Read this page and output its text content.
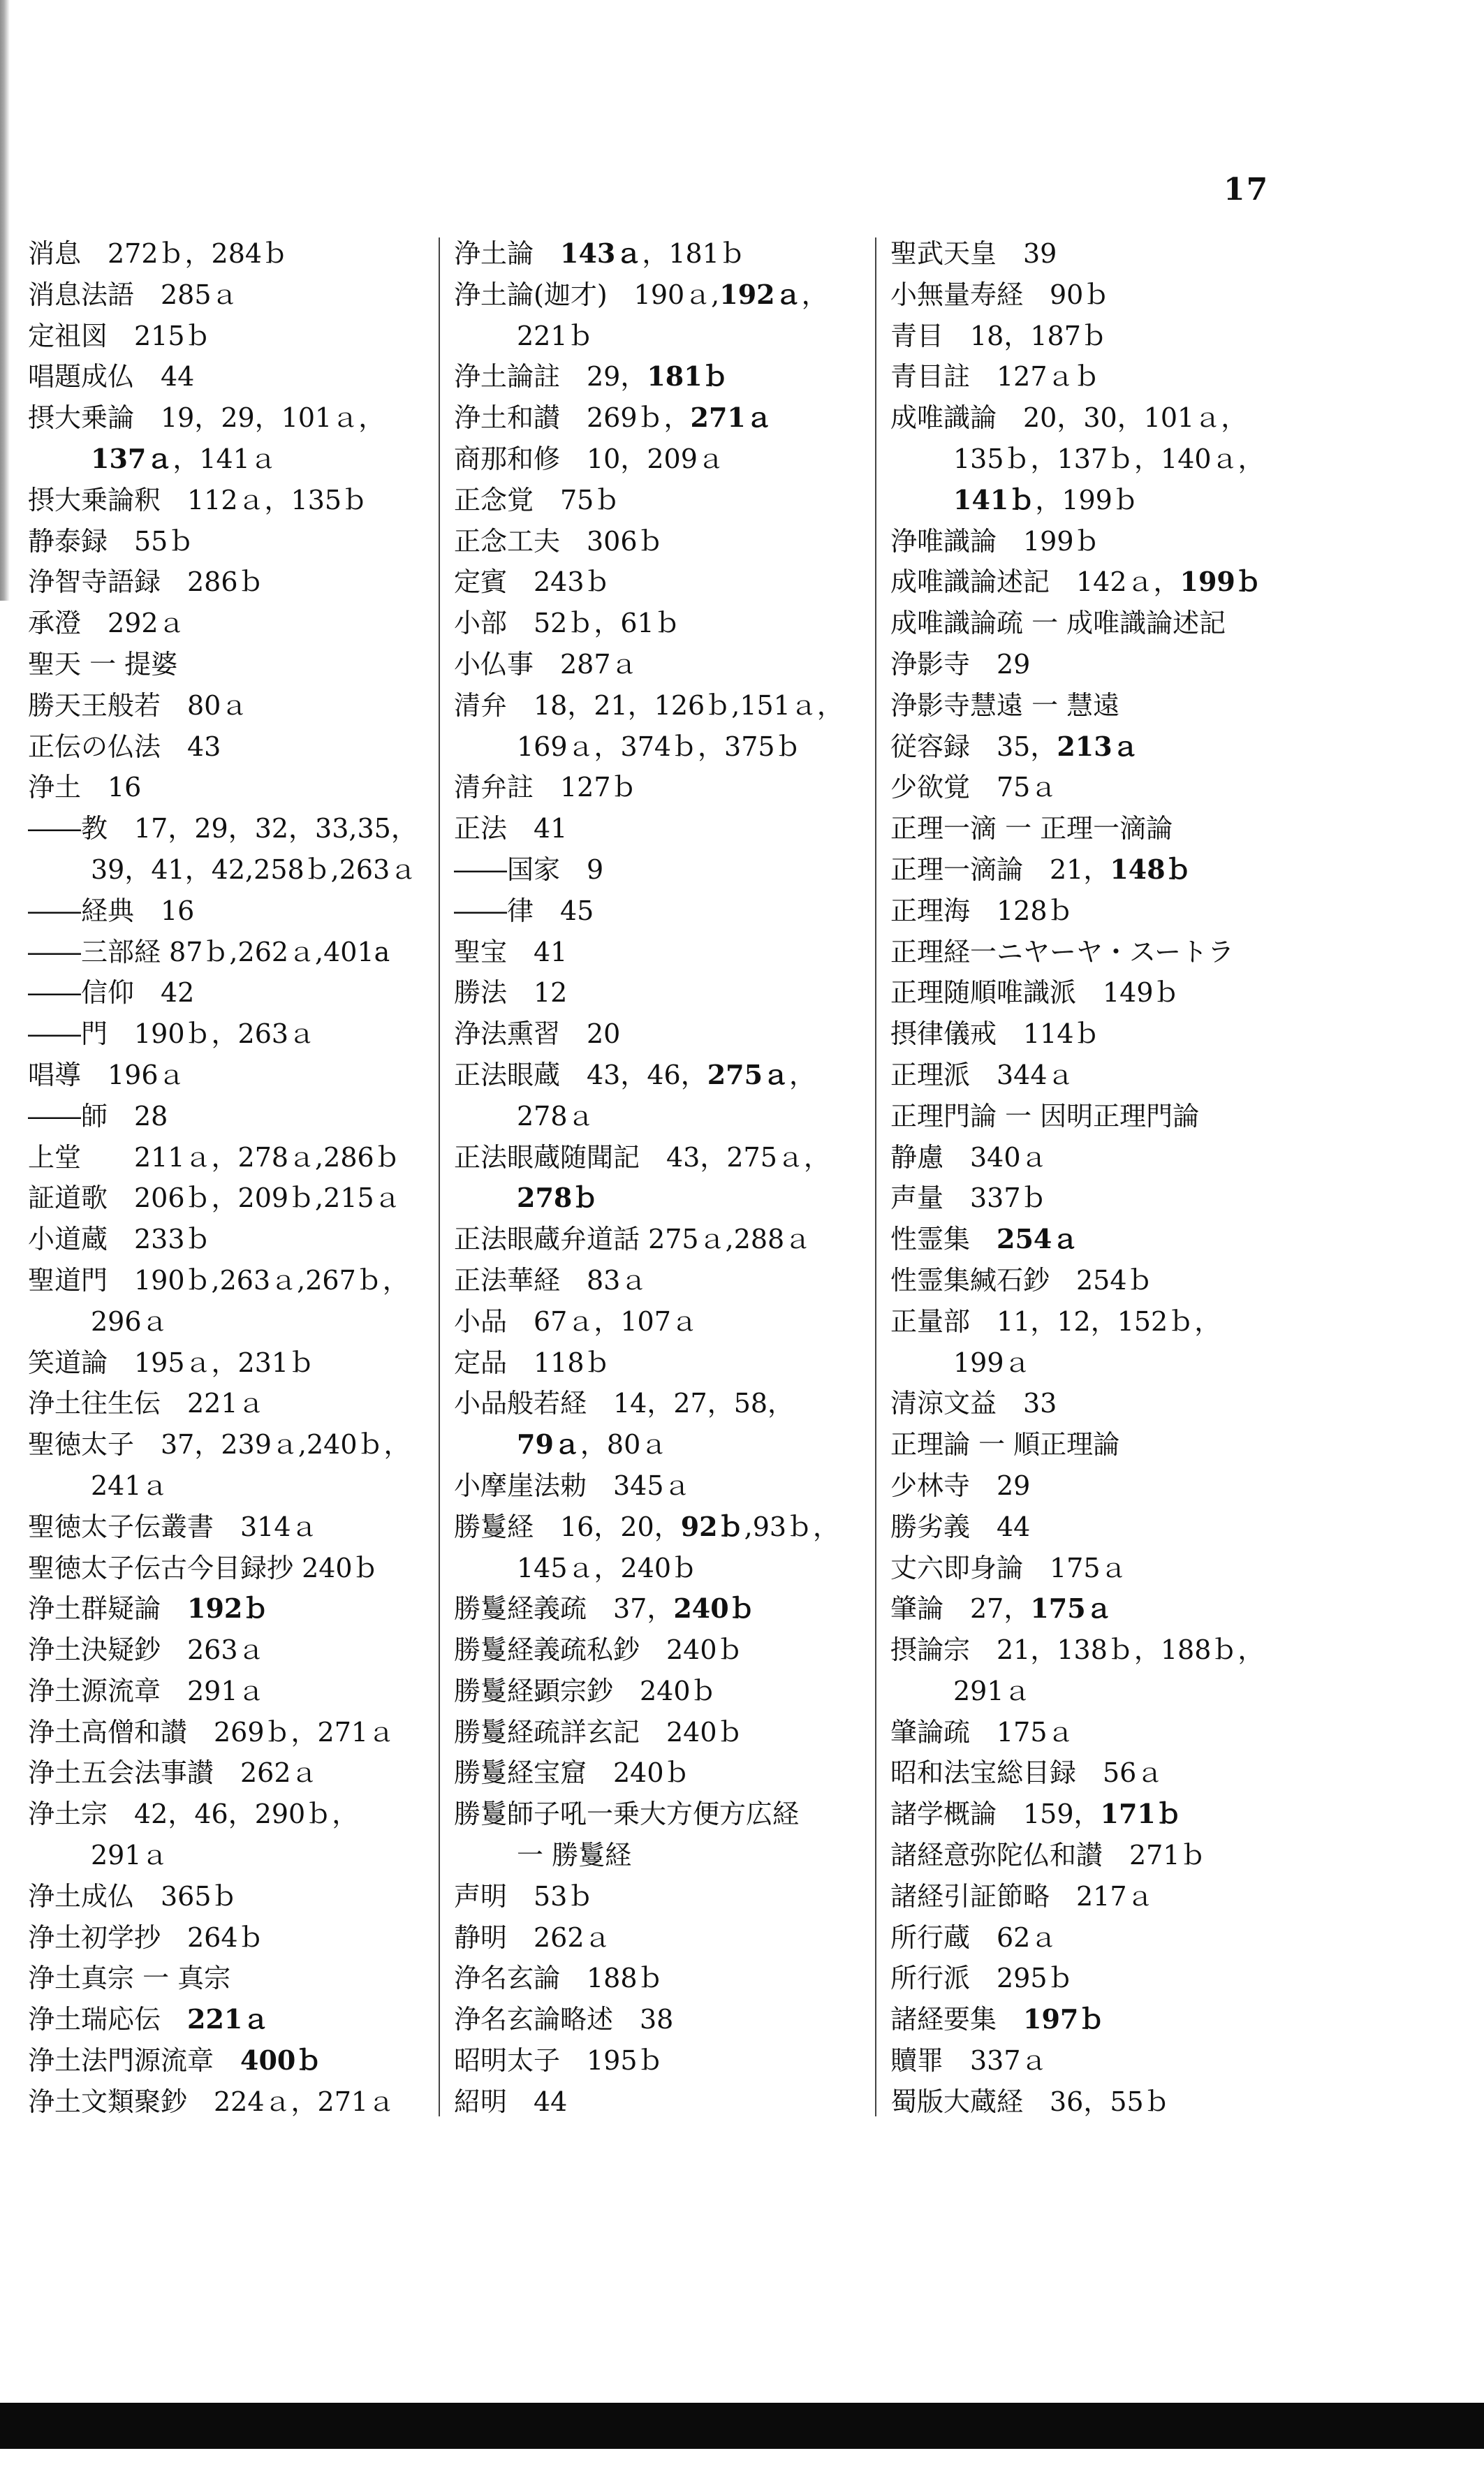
17
消息　272ｂ，284ｂ
消息法語　285ａ
定祖図　215ｂ
唱題成仏　44
摂大乗論　19，29，101ａ，
137ａ，141ａ
摂大乗論釈　112ａ，135ｂ
静泰録　55ｂ
浄智寺語録　286ｂ
承澄　292ａ
聖天 一 提婆
勝天王般若　80ａ
正伝の仏法　43
浄土　16
――教　17，29，32，33,35，
39，41，42,258ｂ,263ａ
――経典　16
――三部経 87ｂ,262ａ,401a
――信仰　42
――門　190ｂ，263ａ
唱導　196ａ
――師　28
上堂　　211ａ，278ａ,286ｂ
証道歌　206ｂ，209ｂ,215ａ
小道蔵　233ｂ
聖道門　190ｂ,263ａ,267ｂ，
296ａ
笑道論　195ａ，231ｂ
浄土往生伝　221ａ
聖徳太子　37，239ａ,240ｂ，
241ａ
聖徳太子伝叢書　314ａ
聖徳太子伝古今目録抄 240ｂ
浄土群疑論　192ｂ
浄土決疑鈔　263ａ
浄土源流章　291ａ
浄土高僧和讃　269ｂ，271ａ
浄土五会法事讃　262ａ
浄土宗　42，46，290ｂ，
291ａ
浄土成仏　365ｂ
浄土初学抄　264ｂ
浄土真宗 一 真宗
浄土瑞応伝　221ａ
浄土法門源流章　400ｂ
浄土文類聚鈔　224ａ，271ａ
浄土論　143ａ，181ｂ
浄土論(迦才)　190ａ,192ａ，
221ｂ
浄土論註　29，181ｂ
浄土和讃　269ｂ，271ａ
商那和修　10，209ａ
正念覚　75ｂ
正念工夫　306ｂ
定賓　243ｂ
小部　52ｂ，61ｂ
小仏事　287ａ
清弁　18，21，126ｂ,151ａ，
169ａ，374ｂ，375ｂ
清弁註　127ｂ
正法　41
――国家　9
――律　45
聖宝　41
勝法　12
浄法熏習　20
正法眼蔵　43，46，275ａ，
278ａ
正法眼蔵随聞記　43，275ａ，
278ｂ
正法眼蔵弁道話 275ａ,288ａ
正法華経　83ａ
小品　67ａ，107ａ
定品　118ｂ
小品般若経　14，27，58，
79ａ，80ａ
小摩崖法勅　345ａ
勝鬘経　16，20，92ｂ,93ｂ，
145ａ，240ｂ
勝鬘経義疏　37，240ｂ
勝鬘経義疏私鈔　240ｂ
勝鬘経顕宗鈔　240ｂ
勝鬘経疏詳玄記　240ｂ
勝鬘経宝窟　240ｂ
勝鬘師子吼一乗大方便方広経
一 勝鬘経
声明　53ｂ
静明　262ａ
浄名玄論　188ｂ
浄名玄論略述　38
昭明太子　195ｂ
紹明　44
聖武天皇　39
小無量寿経　90ｂ
青目　18，187ｂ
青目註　127ａｂ
成唯識論　20，30，101ａ，
135ｂ，137ｂ，140ａ，
141ｂ，199ｂ
浄唯識論　199ｂ
成唯識論述記　142ａ，199ｂ
成唯識論疏 一 成唯識論述記
浄影寺　29
浄影寺慧遠 一 慧遠
従容録　35，213ａ
少欲覚　75ａ
正理一滴 一 正理一滴論
正理一滴論　21，148ｂ
正理海　128ｂ
正理経一ニヤーヤ・スートラ
正理随順唯識派　149ｂ
摂律儀戒　114ｂ
正理派　344ａ
正理門論 一 因明正理門論
静慮　340ａ
声量　337ｂ
性霊集　254ａ
性霊集緘石鈔　254ｂ
正量部　11，12，152ｂ，
199ａ
清涼文益　33
正理論 一 順正理論
少林寺　29
勝劣義　44
丈六即身論　175ａ
肇論　27，175ａ
摂論宗　21，138ｂ，188ｂ，
291ａ
肇論疏　175ａ
昭和法宝総目録　56ａ
諸学概論　159，171ｂ
諸経意弥陀仏和讃　271ｂ
諸経引証節略　217ａ
所行蔵　62ａ
所行派　295ｂ
諸経要集　197ｂ
贖罪　337ａ
蜀版大蔵経　36，55ｂ
